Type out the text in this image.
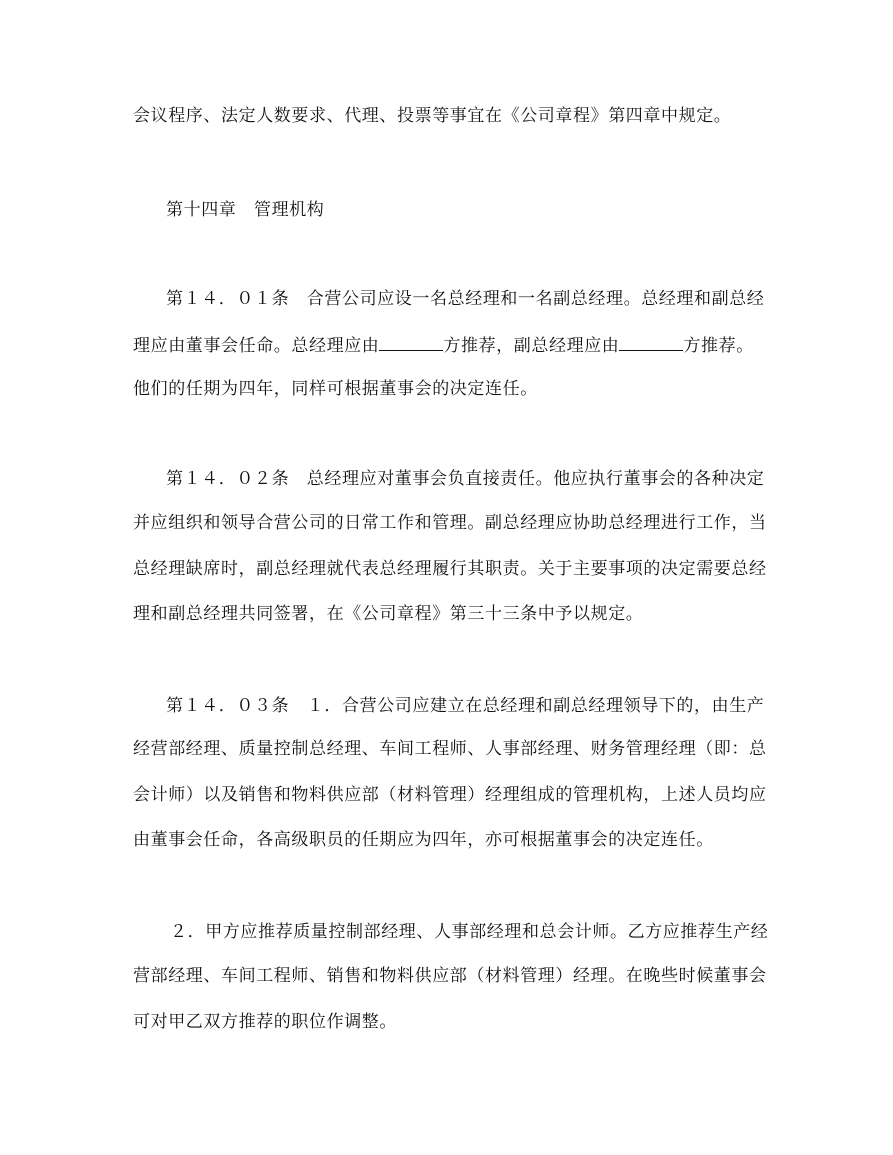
会议程序、法定人数要求、代理、投票等事宜在《公司章程》第四章中规定。
第十四章　管理机构
第１４．０１条　合营公司应设一名总经理和一名副总经理。总经理和副总经
理应由董事会任命。总经理应由	方推荐，副总经理应由	方推荐。
他们的任期为四年，同样可根据董事会的决定连任。
第１４．０２条　总经理应对董事会负直接责任。他应执行董事会的各种决定
并应组织和领导合营公司的日常工作和管理。副总经理应协助总经理进行工作，当
总经理缺席时，副总经理就代表总经理履行其职责。关于主要事项的决定需要总经
理和副总经理共同签署，在《公司章程》第三十三条中予以规定。
第１４．０３条　１．合营公司应建立在总经理和副总经理领导下的，由生产
经营部经理、质量控制总经理、车间工程师、人事部经理、财务管理经理（即：总
会计师）以及销售和物料供应部（材料管理）经理组成的管理机构，上述人员均应
由董事会任命，各高级职员的任期应为四年，亦可根据董事会的决定连任。
２．甲方应推荐质量控制部经理、人事部经理和总会计师。乙方应推荐生产经
营部经理、车间工程师、销售和物料供应部（材料管理）经理。在晚些时候董事会
可对甲乙双方推荐的职位作调整。
